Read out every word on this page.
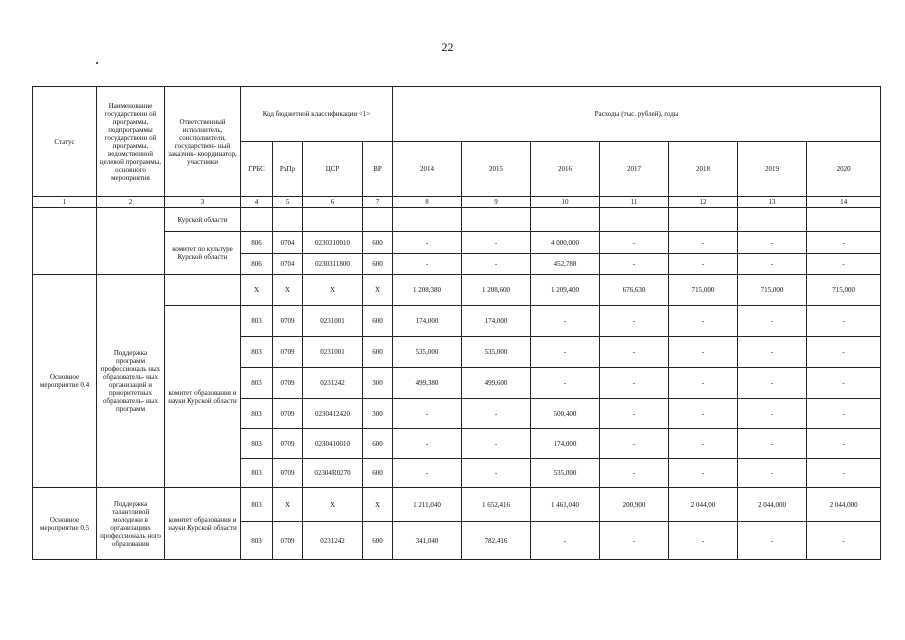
22
Статус	Наименование государственн ой программы, подпрограммы государственн ой программы, ведомственной целевой программы, основного мероприятия	Ответственный исполнитель, соисполнители, государствен- ный заказчик- координатор, участники	Код бюджетной классификации <1>				Расходы (тыс. рублей), годы						
			ГРБС	РзПр	ЦСР	ВР	2014	2015	2016	2017	2018	2019	2020
1	2	3	4	5	6	7	8	9	10	11	12	13	14
		Курской области											
		комитет по культуре Курской области	806	0704	0230310010	600	-	-	4 000,000	-	-	-	-
			806	0704	0230311800	600	-	-	452,788	-	-	-	-
Основное мероприятие 0.4	Поддержка программ профессиональ ных образователь- ных организаций и приоритетных образователь- ных программ		X	X	X	X	1 208,380	1 208,600	1 209,400	676,630	715,000	715,000	715,000
		комитет образования и науки Курской области	803	0709	0231001	600	174,000	174,000	-	-	-	-	-
			803	0709	0231001	600	535,000	535,000	-	-	-	-	-
			803	0709	0231242	300	499,380	499,600	-	-	-	-	-
			803	0709	0230412420	300	-	-	500,400	-	-	-	-
			803	0709	0230410010	600	-	-	174,000	-	-	-	-
			803	0709	02304R0270	600	-	-	535,000	-	-	-	-
Основное мероприятие 0.5	Поддержка талантливой молодежи в организациях профессиональ ного образования	комитет образования и науки Курской области	803	X	X	X	1 211,040	1 652,416	1 461,040	200,900	2 044,00	2 044,000	2 044,000
			803	0709	0231242	600	341,040	782,416	-	-	-	-	-
